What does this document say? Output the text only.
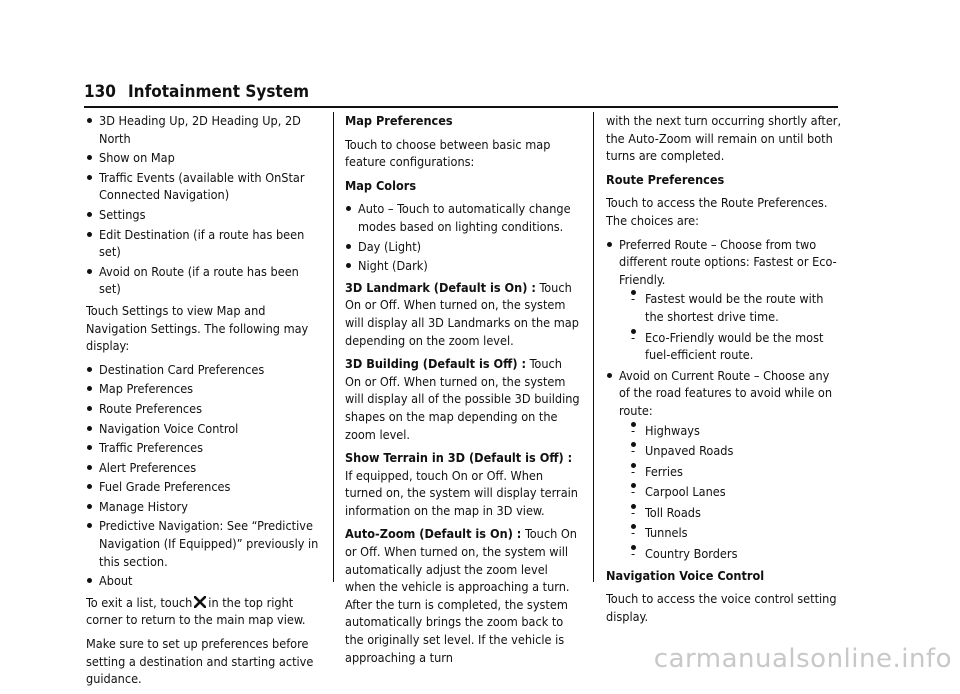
130 Infotainment System
3D Heading Up, 2D Heading Up, 2D North
Show on Map
Traffic Events (available with OnStar Connected Navigation)
Settings
Edit Destination (if a route has been set)
Avoid on Route (if a route has been set)

Touch Settings to view Map and Navigation Settings. The following may display:

Destination Card Preferences
Map Preferences
Route Preferences
Navigation Voice Control
Traffic Preferences
Alert Preferences
Fuel Grade Preferences
Manage History
Predictive Navigation: See “Predictive Navigation (If Equipped)” previously in this section.
About

To exit a list, touch in the top right corner to return to the main map view.

Make sure to set up preferences before setting a destination and starting active guidance.

Map Preferences

Touch to choose between basic map feature configurations:

Map Colors

Auto – Touch to automatically change modes based on lighting conditions.
Day (Light)
Night (Dark)

3D Landmark (Default is On) : Touch On or Off. When turned on, the system will display all 3D Landmarks on the map depending on the zoom level.

3D Building (Default is Off) : Touch On or Off. When turned on, the system will display all of the possible 3D building shapes on the map depending on the zoom level.

Show Terrain in 3D (Default is Off) :
If equipped, touch On or Off. When turned on, the system will display terrain information on the map in 3D view.

Auto-Zoom (Default is On) : Touch On or Off. When turned on, the system will automatically adjust the zoom level when the vehicle is approaching a turn. After the turn is completed, the system automatically brings the zoom back to the originally set level. If the vehicle is approaching a turn

with the next turn occurring shortly after, the Auto-Zoom will remain on until both turns are completed.

Route Preferences

Touch to access the Route Preferences. The choices are:

Preferred Route – Choose from two different route options: Fastest or Eco-Friendly.
- Fastest would be the route with the shortest drive time.
- Eco-Friendly would be the most fuel-efficient route.
Avoid on Current Route – Choose any of the road features to avoid while on route:
- Highways
- Unpaved Roads
- Ferries
- Carpool Lanes
- Toll Roads
- Tunnels
- Country Borders

Navigation Voice Control

Touch to access the voice control setting display.

carmanualsonline.info
